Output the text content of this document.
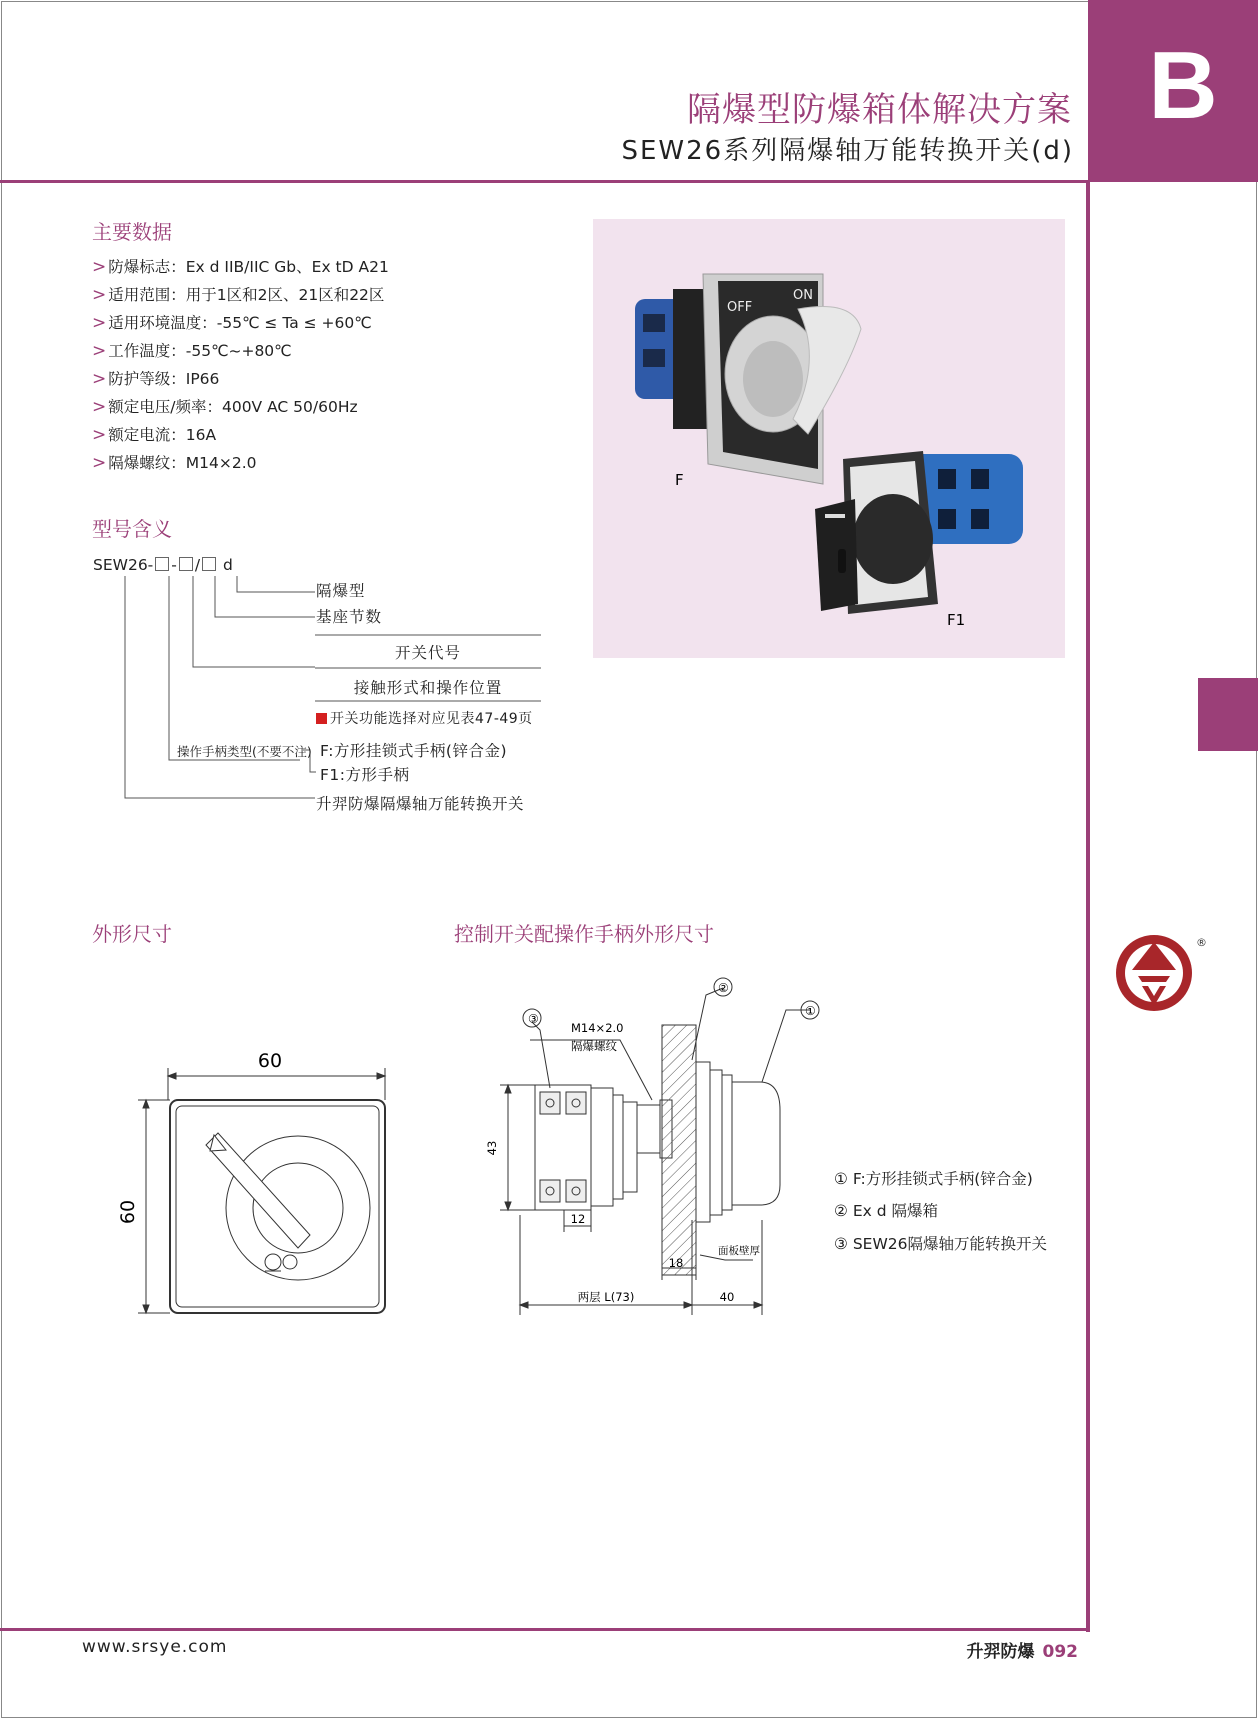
B
隔爆型防爆箱体解决方案
SEW26系列隔爆轴万能转换开关(d)
主要数据
> 防爆标志：Ex d IIB/IIC Gb、Ex tD A21
> 适用范围：用于1区和2区、21区和22区
> 适用环境温度：-55℃ ≤ Ta ≤ +60℃
> 工作温度：-55℃~+80℃
> 防护等级：IP66
> 额定电压/频率：400V AC 50/60Hz
> 额定电流：16A
> 隔爆螺纹：M14×2.0
OFF
ON
F
F1
型号含义
SEW26- - / d
隔爆型
基座节数
开关代号
接触形式和操作位置
开关功能选择对应见表47-49页
操作手柄类型(不要不注) F:方形挂锁式手柄(锌合金)
F1:方形手柄
升羿防爆隔爆轴万能转换开关
外形尺寸	控制开关配操作手柄外形尺寸
60
60
③
②
①
M14×2.0
隔爆螺纹
43
12
18
面板壁厚
两层 L(73)	40
① F:方形挂锁式手柄(锌合金)
② Ex d 隔爆箱
③ SEW26隔爆轴万能转换开关
®
www.srsye.com	升羿防爆 092
